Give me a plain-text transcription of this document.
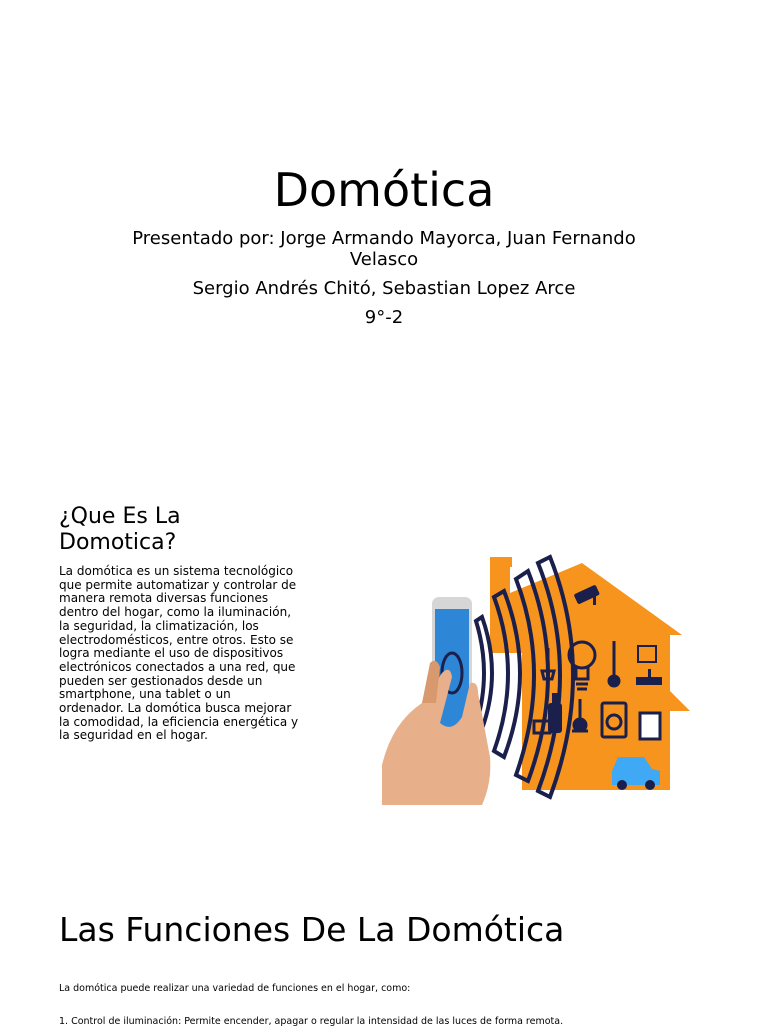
Domótica

Presentado por: Jorge Armando Mayorca, Juan Fernando Velasco

Sergio Andrés Chitó, Sebastian Lopez Arce

9°-2

¿Que Es La Domotica?

La domótica es un sistema tecnológico que permite automatizar y controlar de manera remota diversas funciones dentro del hogar, como la iluminación, la seguridad, la climatización, los electrodomésticos, entre otros. Esto se logra mediante el uso de dispositivos electrónicos conectados a una red, que pueden ser gestionados desde un smartphone, una tablet o un ordenador. La domótica busca mejorar la comodidad, la eficiencia energética y la seguridad en el hogar.

Las Funciones De La Domótica

La domótica puede realizar una variedad de funciones en el hogar, como:

1. Control de iluminación: Permite encender, apagar o regular la intensidad de las luces de forma remota.
